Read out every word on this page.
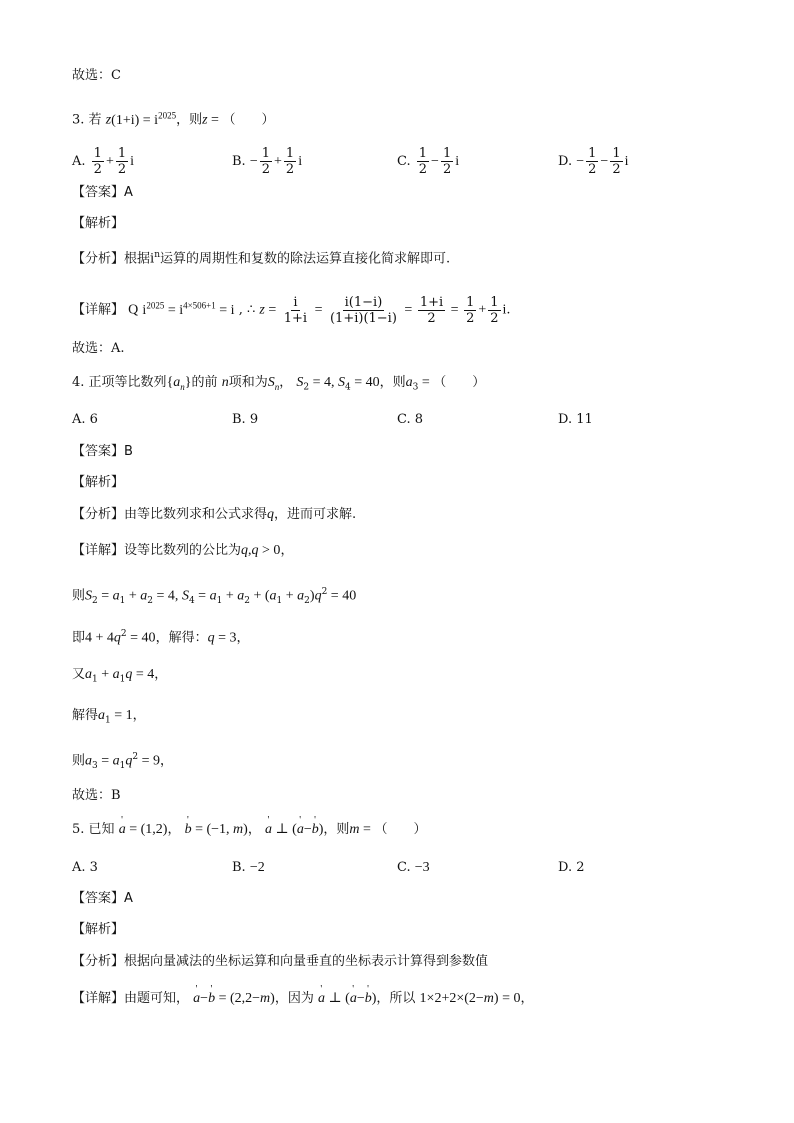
故选：C
3. 若 $z(1+i) = i^{2025}$，则z = （　　）
A. $\frac{1}{2} + \frac{1}{2}$ i	B. − $\frac{1}{2} + \frac{1}{2}$ i	C. $\frac{1}{2} - \frac{1}{2}$ i	D. − $\frac{1}{2} - \frac{1}{2}$ i
【答案】A
【解析】
【分析】根据$i^n$运算的周期性和复数的除法运算直接化简求解即可.
【详解】 Q $i^{2025} = i^{4\times 506+1} = i$ , ∴ $z = \frac{i}{1+i} = \frac{i(1-i)}{(1+i)(1-i)} = \frac{1+i}{2} = \frac{1}{2} + \frac{1}{2} i$.
故选：A.
4. 正项等比数列$\{a_n\}$的前 n项和为$S_n$， $S_2 = 4$, $S_4 = 40$，则$a_3$ = （　　）
A. 6	B. 9	C. 8	D. 11
【答案】B
【解析】
【分析】由等比数列求和公式求得q，进而可求解.
【详解】设等比数列的公比为q,q > 0，
则$S_2 = a_1 + a_2 = 4$, $S_4 = a_1 + a_2 + (a_1 + a_2)q^2 = 40$
即$4 + 4q^2 = 40$，解得：q = 3，
又$a_1 + a_1q = 4$，
解得$a_1 = 1$，
则$a_3 = a_1q^2 = 9$，
故选：B
5. 已知 ' a = (1,2)， ' b = (−1, m)， ' a ⊥ (' a−' b)，则m = （　　）
A. 3	B. −2	C. −3	D. 2
【答案】A
【解析】
【分析】根据向量减法的坐标运算和向量垂直的坐标表示计算得到参数值
【详解】由题可知， ' a−' b = (2,2−m)，因为 ' a ⊥ (' a−' b)，所以 1×2+2×(2−m) = 0，
